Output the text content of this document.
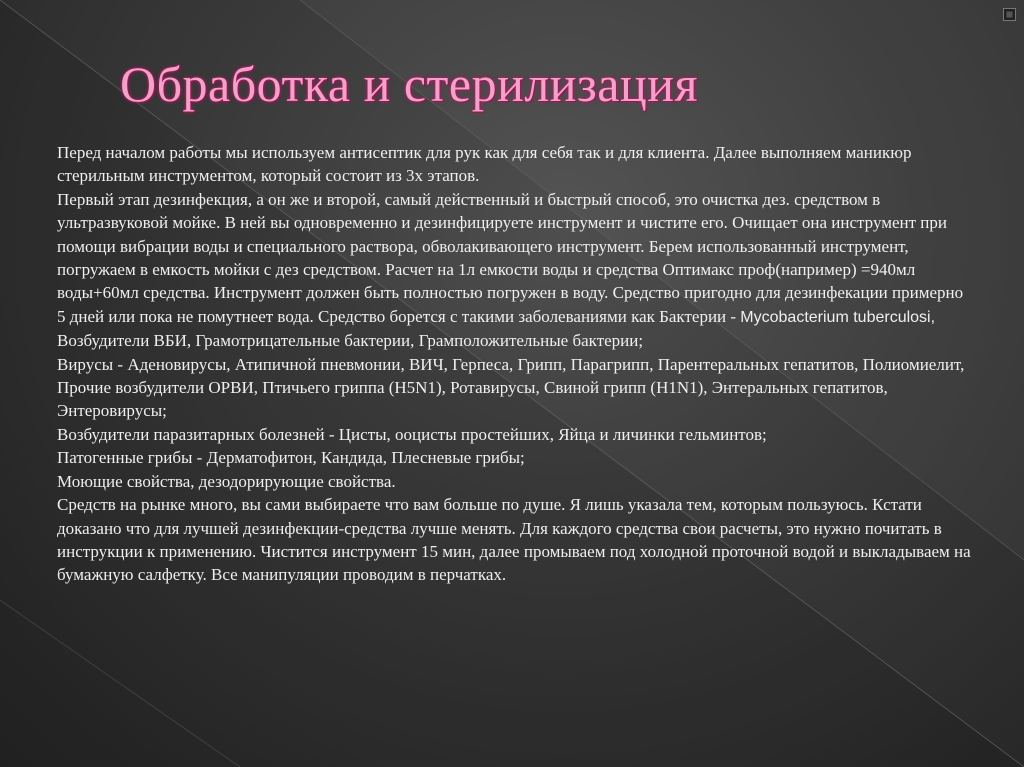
Обработка и стерилизация

Перед началом работы мы используем антисептик для рук как для себя так и для клиента. Далее выполняем маникюр стерильным инструментом, который состоит из 3х этапов.

Первый этап дезинфекция, а он же и второй, самый действенный и быстрый способ, это очистка дез. средством в ультразвуковой мойке. В ней вы одновременно и дезинфицируете инструмент и чистите его. Очищает она инструмент при помощи вибрации воды и специального раствора, обволакивающего инструмент. Берем использованный инструмент, погружаем в емкость мойки с дез средством. Расчет на 1л емкости воды и средства Оптимакс проф(например) =940мл воды+60мл средства. Инструмент должен быть полностью погружен в воду. Средство пригодно для дезинфекации примерно 5 дней или пока не помутнеет вода. Средство борется с такими заболеваниями как Бактерии - Mycobacterium tuberculosi,

Возбудители ВБИ, Грамотрицательные бактерии, Грамположительные бактерии;

Вирусы - Аденовирусы, Атипичной пневмонии, ВИЧ, Герпеса, Грипп, Парагрипп, Парентеральных гепатитов, Полиомиелит, Прочие возбудители ОРВИ, Птичьего гриппа (H5N1), Ротавирусы, Свиной грипп (H1N1), Энтеральных гепатитов, Энтеровирусы;

Возбудители паразитарных болезней - Цисты, ооцисты простейших, Яйца и личинки гельминтов;

Патогенные грибы - Дерматофитон, Кандида, Плесневые грибы;

Моющие свойства, дезодорирующие свойства.

Средств на рынке много, вы сами выбираете что вам больше по душе. Я лишь указала тем, которым пользуюсь. Кстати доказано что для лучшей дезинфекции-средства лучше менять. Для каждого средства свои расчеты, это нужно почитать в инструкции к применению. Чистится инструмент 15 мин, далее промываем под холодной проточной водой и выкладываем на бумажную салфетку. Все манипуляции проводим в перчатках.
